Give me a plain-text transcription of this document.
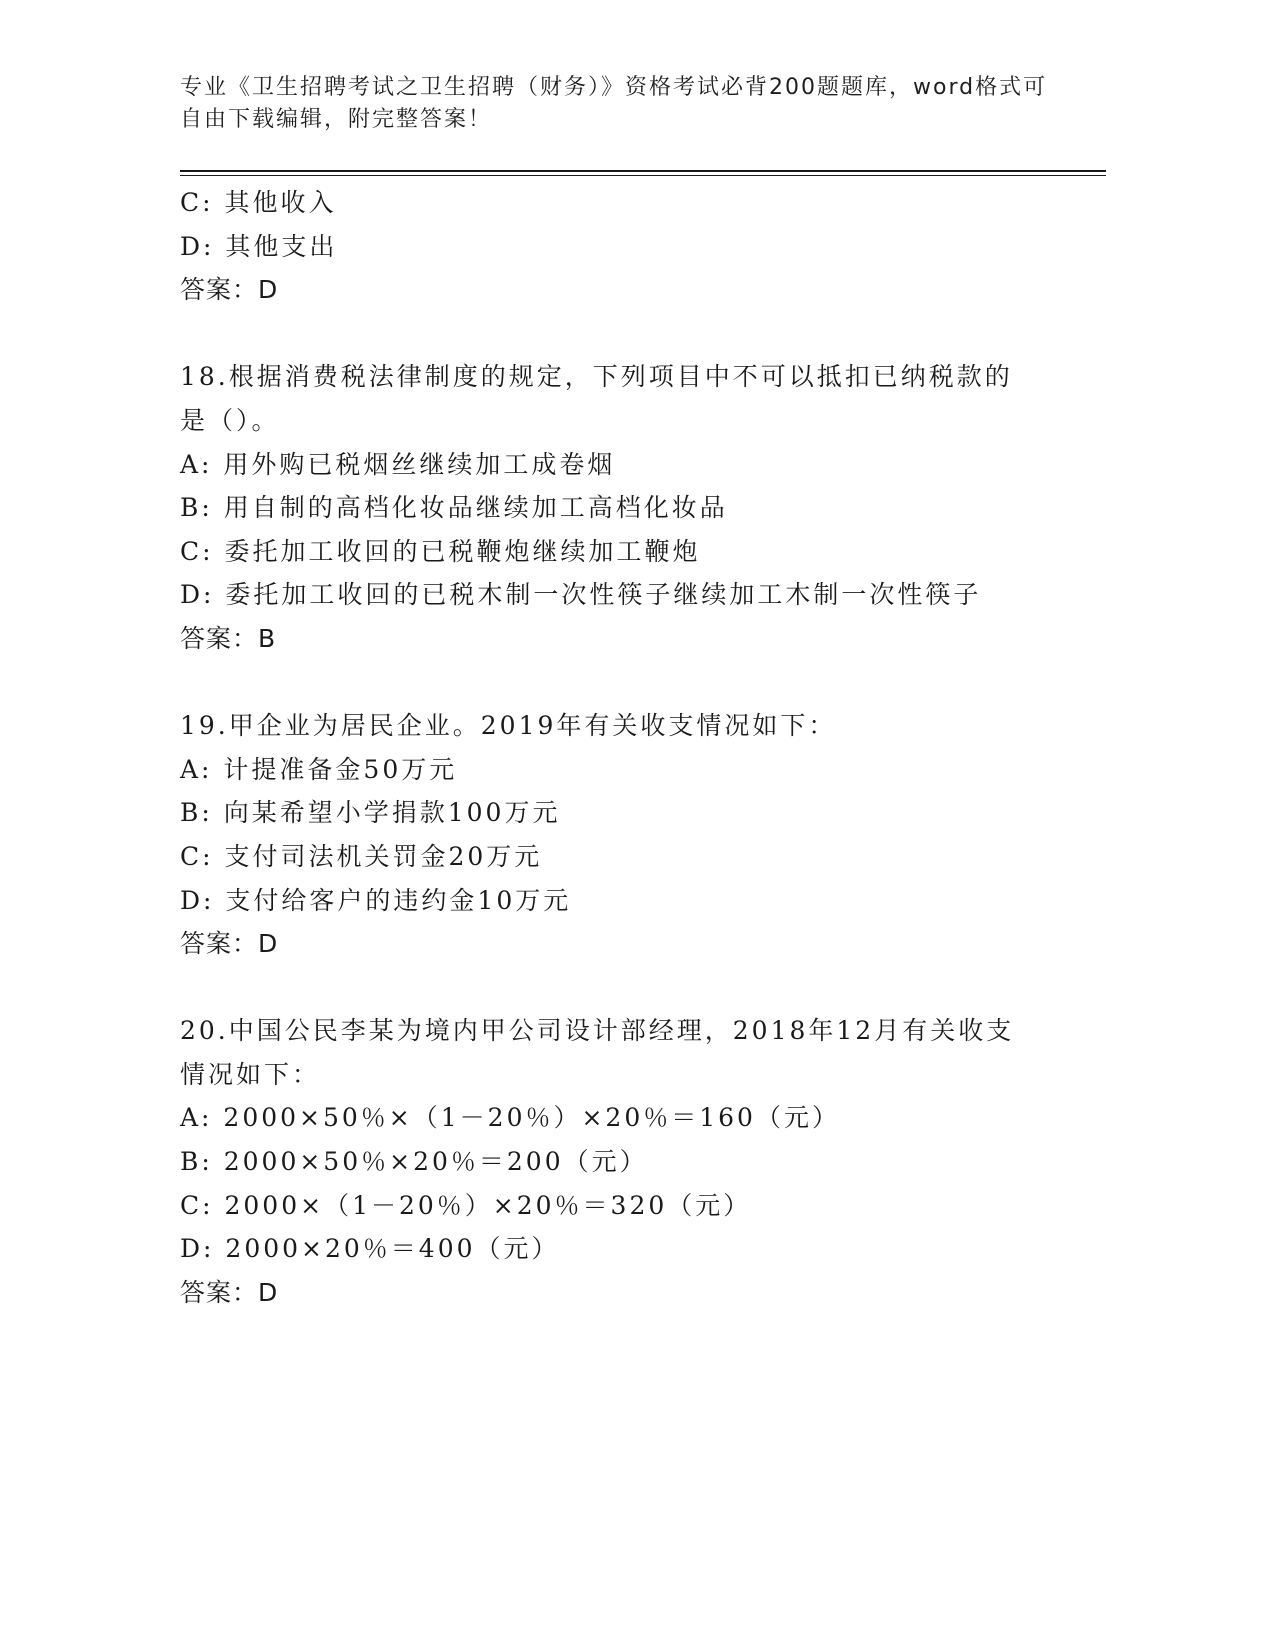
专业《卫生招聘考试之卫生招聘（财务）》资格考试必背200题题库，word格式可自由下载编辑，附完整答案！
C: 其他收入
D: 其他支出
答案：D
18.根据消费税法律制度的规定，下列项目中不可以抵扣已纳税款的是（）。
A: 用外购已税烟丝继续加工成卷烟
B: 用自制的高档化妆品继续加工高档化妆品
C: 委托加工收回的已税鞭炮继续加工鞭炮
D: 委托加工收回的已税木制一次性筷子继续加工木制一次性筷子
答案：B
19.甲企业为居民企业。2019年有关收支情况如下：
A: 计提准备金50万元
B: 向某希望小学捐款100万元
C: 支付司法机关罚金20万元
D: 支付给客户的违约金10万元
答案：D
20.中国公民李某为境内甲公司设计部经理，2018年12月有关收支情况如下：
A: 2000×50％×（1－20％）×20％＝160（元）
B: 2000×50％×20％＝200（元）
C: 2000×（1－20％）×20％＝320（元）
D: 2000×20％＝400（元）
答案：D
